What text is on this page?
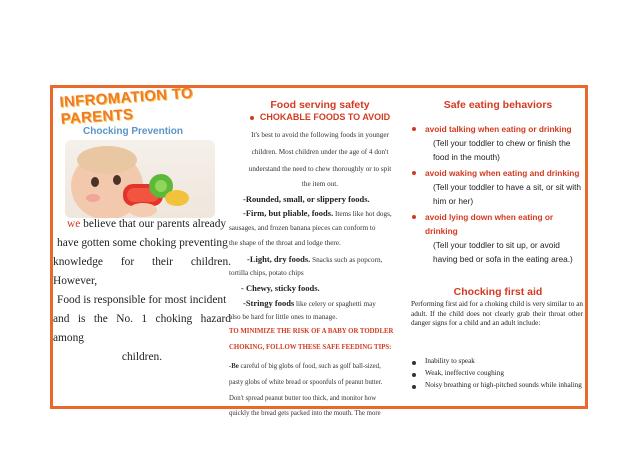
INFROMATION TO PARENTS
Chocking Prevention
we believe that our parents already
have gotten some choking preventing
knowledge for their children. However,
Food is responsible for most incident
and is the No. 1 choking hazard among
children.
Food serving safety
CHOKABLE FOODS TO AVOID
It's best to avoid the following foods in younger
children. Most children under the age of 4 don't
understand the need to chew thoroughly or to spit
the item out.
-Rounded, small, or slippery foods.
-Firm, but pliable, foods. Items like hot dogs,
sausages, and frozen banana pieces can conform to
the shape of the throat and lodge there.
-Light, dry foods. Snacks such as popcorn,
tortilla chips, potato chips
- Chewy, sticky foods.
-Stringy foods like celery or spaghetti may
also be hard for little ones to manage.
TO MINIMIZE THE RISK OF A BABY OR TODDLER
CHOKING, FOLLOW THESE SAFE FEEDING TIPS:
-Be careful of big globs of food, such as golf ball-sized,
pasty globs of white bread or spoonfuls of peanut butter.
Don't spread peanut butter too thick, and monitor how
quickly the bread gets packed into the mouth. The more
Safe eating behaviors
avoid talking when eating or drinking
(Tell your toddler to chew or finish the food in the mouth)
avoid waking when eating and drinking
(Tell your toddler to have a sit, or sit with him or her)
avoid lying down when eating or drinking
(Tell your toddler to sit up, or avoid having bed or sofa in the eating area.)
Chocking first aid
Performing first aid for a choking child is very similar to an adult. If the child does not clearly grab their throat other danger signs for a child and an adult include:
Inability to speak
Weak, ineffective coughing
Noisy breathing or high-pitched sounds while inhaling
